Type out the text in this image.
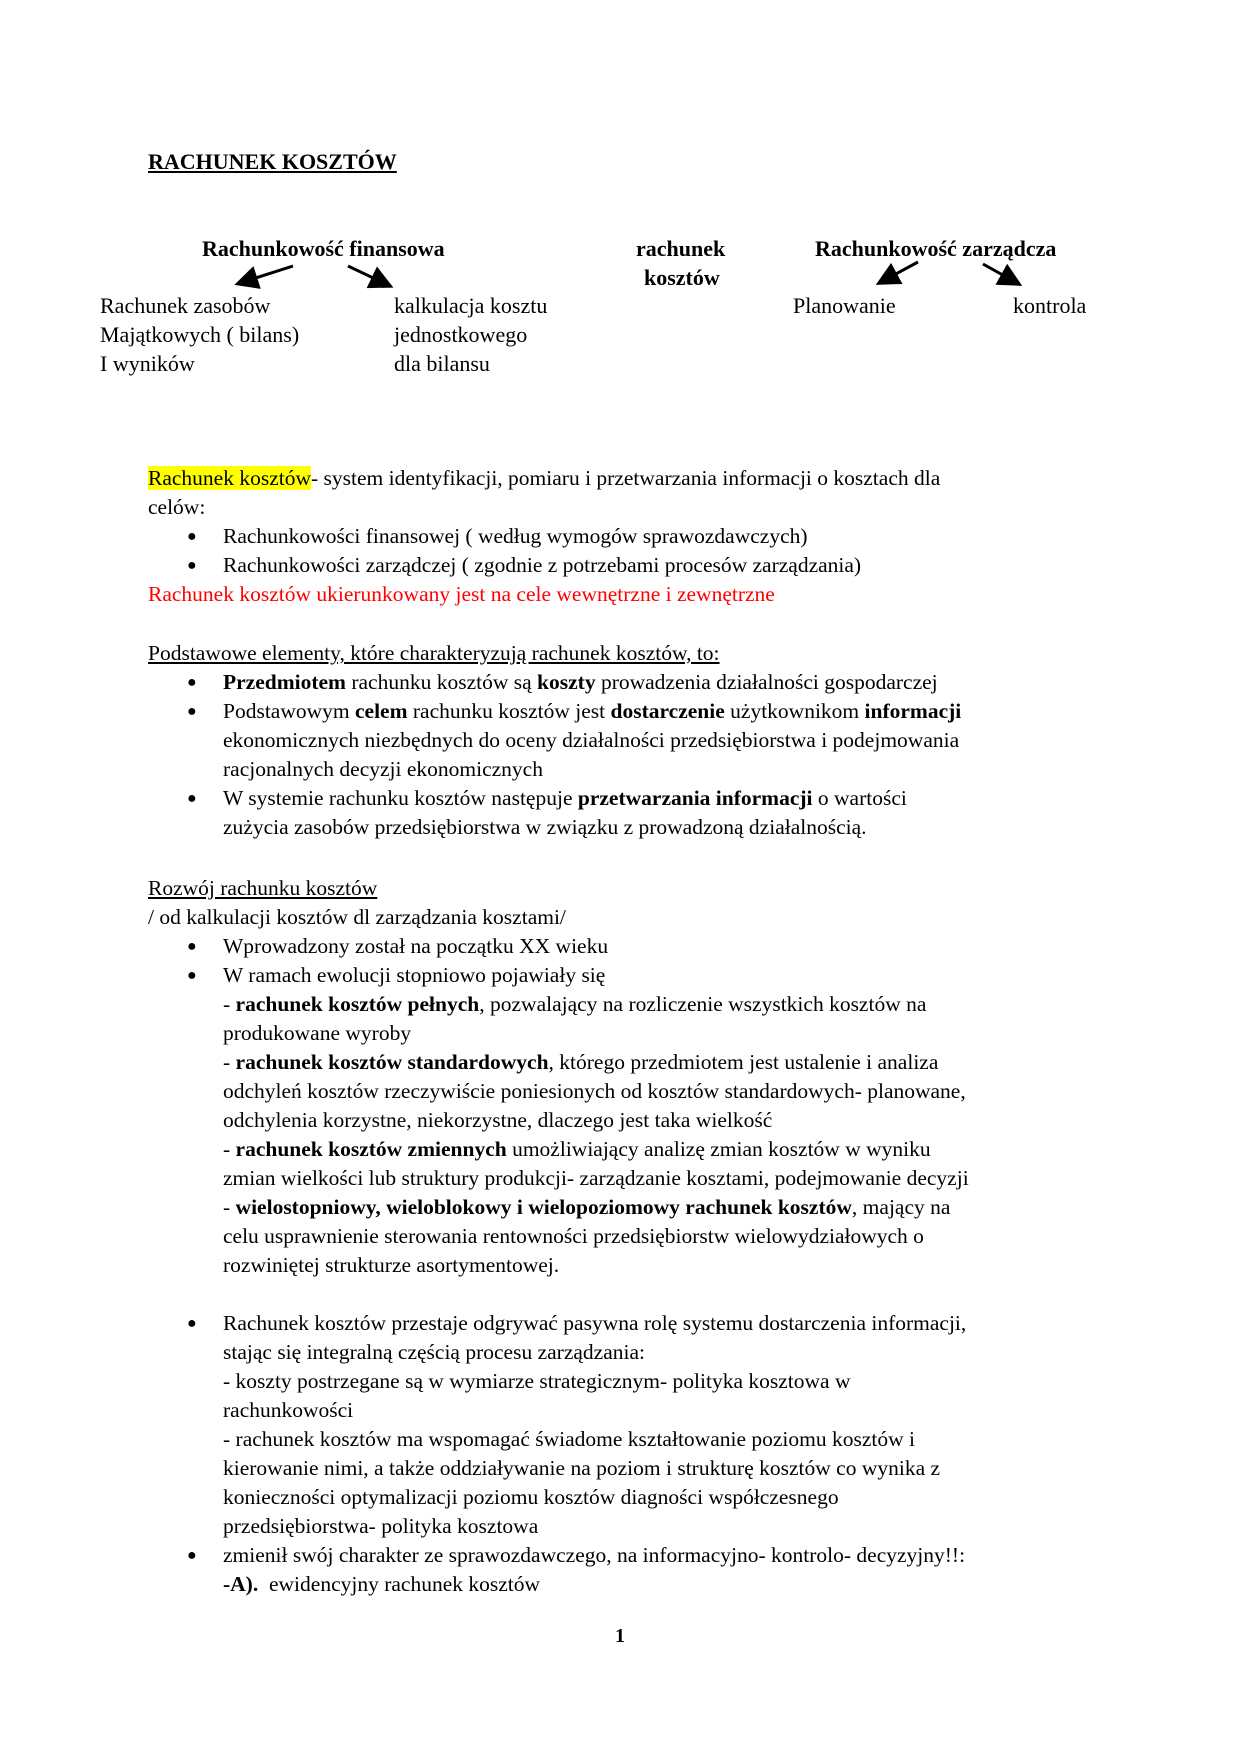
RACHUNEK KOSZTÓW
Rachunkowość finansowa	rachunek
kosztów
Rachunkowość zarządcza
Rachunek zasobów
Majątkowych ( bilans)
I wyników
kalkulacja kosztu
jednostkowego
dla bilansu
Planowanie	kontrola
Rachunek kosztów- system identyfikacji, pomiaru i przetwarzania informacji o kosztach dla
celów:
● Rachunkowości finansowej ( według wymogów sprawozdawczych)
● Rachunkowości zarządczej ( zgodnie z potrzebami procesów zarządzania)
Rachunek kosztów ukierunkowany jest na cele wewnętrzne i zewnętrzne
Podstawowe elementy, które charakteryzują rachunek kosztów, to:
● Przedmiotem rachunku kosztów są koszty prowadzenia działalności gospodarczej
● Podstawowym celem rachunku kosztów jest dostarczenie użytkownikom informacji
ekonomicznych niezbędnych do oceny działalności przedsiębiorstwa i podejmowania
racjonalnych decyzji ekonomicznych
● W systemie rachunku kosztów następuje przetwarzania informacji o wartości
zużycia zasobów przedsiębiorstwa w związku z prowadzoną działalnością.
Rozwój rachunku kosztów
/ od kalkulacji kosztów dl zarządzania kosztami/
● Wprowadzony został na początku XX wieku
● W ramach ewolucji stopniowo pojawiały się
- rachunek kosztów pełnych, pozwalający na rozliczenie wszystkich kosztów na
produkowane wyroby
- rachunek kosztów standardowych, którego przedmiotem jest ustalenie i analiza
odchyleń kosztów rzeczywiście poniesionych od kosztów standardowych- planowane,
odchylenia korzystne, niekorzystne, dlaczego jest taka wielkość
- rachunek kosztów zmiennych umożliwiający analizę zmian kosztów w wyniku
zmian wielkości lub struktury produkcji- zarządzanie kosztami, podejmowanie decyzji
- wielostopniowy, wieloblokowy i wielopoziomowy rachunek kosztów, mający na
celu usprawnienie sterowania rentowności przedsiębiorstw wielowydziałowych o
rozwiniętej strukturze asortymentowej.
● Rachunek kosztów przestaje odgrywać pasywna rolę systemu dostarczenia informacji,
stając się integralną częścią procesu zarządzania:
- koszty postrzegane są w wymiarze strategicznym- polityka kosztowa w
rachunkowości
- rachunek kosztów ma wspomagać świadome kształtowanie poziomu kosztów i
kierowanie nimi, a także oddziaływanie na poziom i strukturę kosztów co wynika z
konieczności optymalizacji poziomu kosztów diagności współczesnego
przedsiębiorstwa- polityka kosztowa
● zmienił swój charakter ze sprawozdawczego, na informacyjno- kontrolo- decyzyjny!!:
-A).  ewidencyjny rachunek kosztów
1
